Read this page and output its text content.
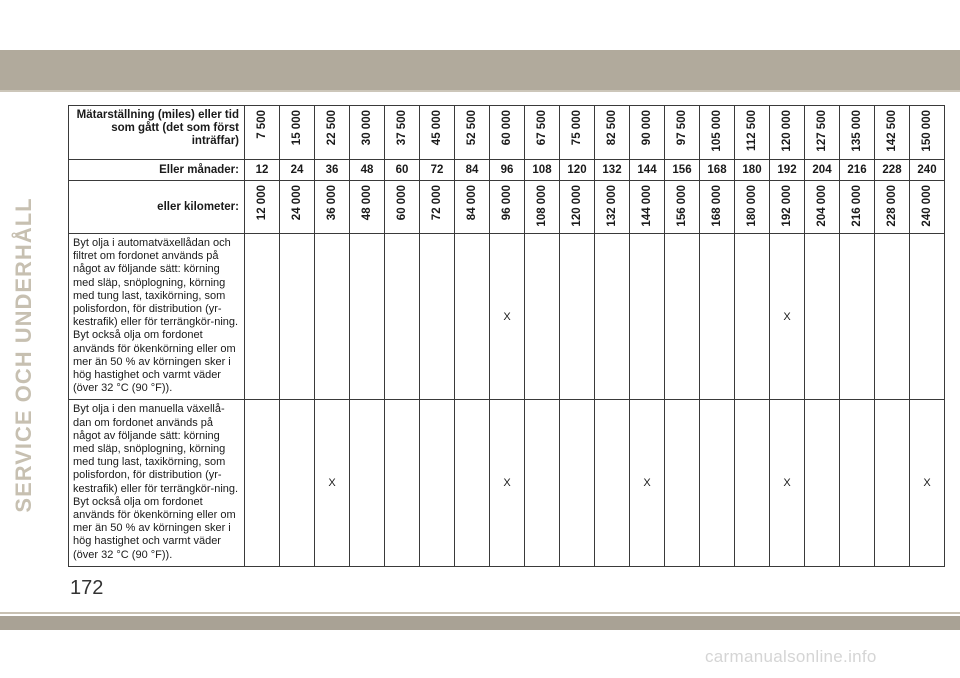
SERVICE OCH UNDERHÅLL
Mätarställning (miles) eller tid som gått (det som först inträffar)	7 500	15 000	22 500	30 000	37 500	45 000	52 500	60 000	67 500	75 000	82 500	90 000	97 500	105 000	112 500	120 000	127 500	135 000	142 500	150 000

Eller månader:	12	24	36	48	60	72	84	96	108	120	132	144	156	168	180	192	204	216	228	240
eller kilometer:	12 000	24 000	36 000	48 000	60 000	72 000	84 000	96 000	108 000	120 000	132 000	144 000	156 000	168 000	180 000	192 000	204 000	216 000	228 000	240 000

Byt olja i automatväxellådan och filtret om fordonet används på något av följande sätt: körning med släp, snöplogning, körning med tung last, taxikörning, som polisfordon, för distribution (yr-kestrafik) eller för terrängkör-ning. Byt också olja om fordonet används för ökenkörning eller om mer än 50 % av körningen sker i hög hastighet och varmt väder (över 32 °C (90 °F)).								X								X				
Byt olja i den manuella växellå-dan om fordonet används på något av följande sätt: körning med släp, snöplogning, körning med tung last, taxikörning, som polisfordon, för distribution (yr-kestrafik) eller för terrängkör-ning. Byt också olja om fordonet används för ökenkörning eller om mer än 50 % av körningen sker i hög hastighet och varmt väder (över 32 °C (90 °F)).			X					X				X				X				X
172
carmanualsonline.info
